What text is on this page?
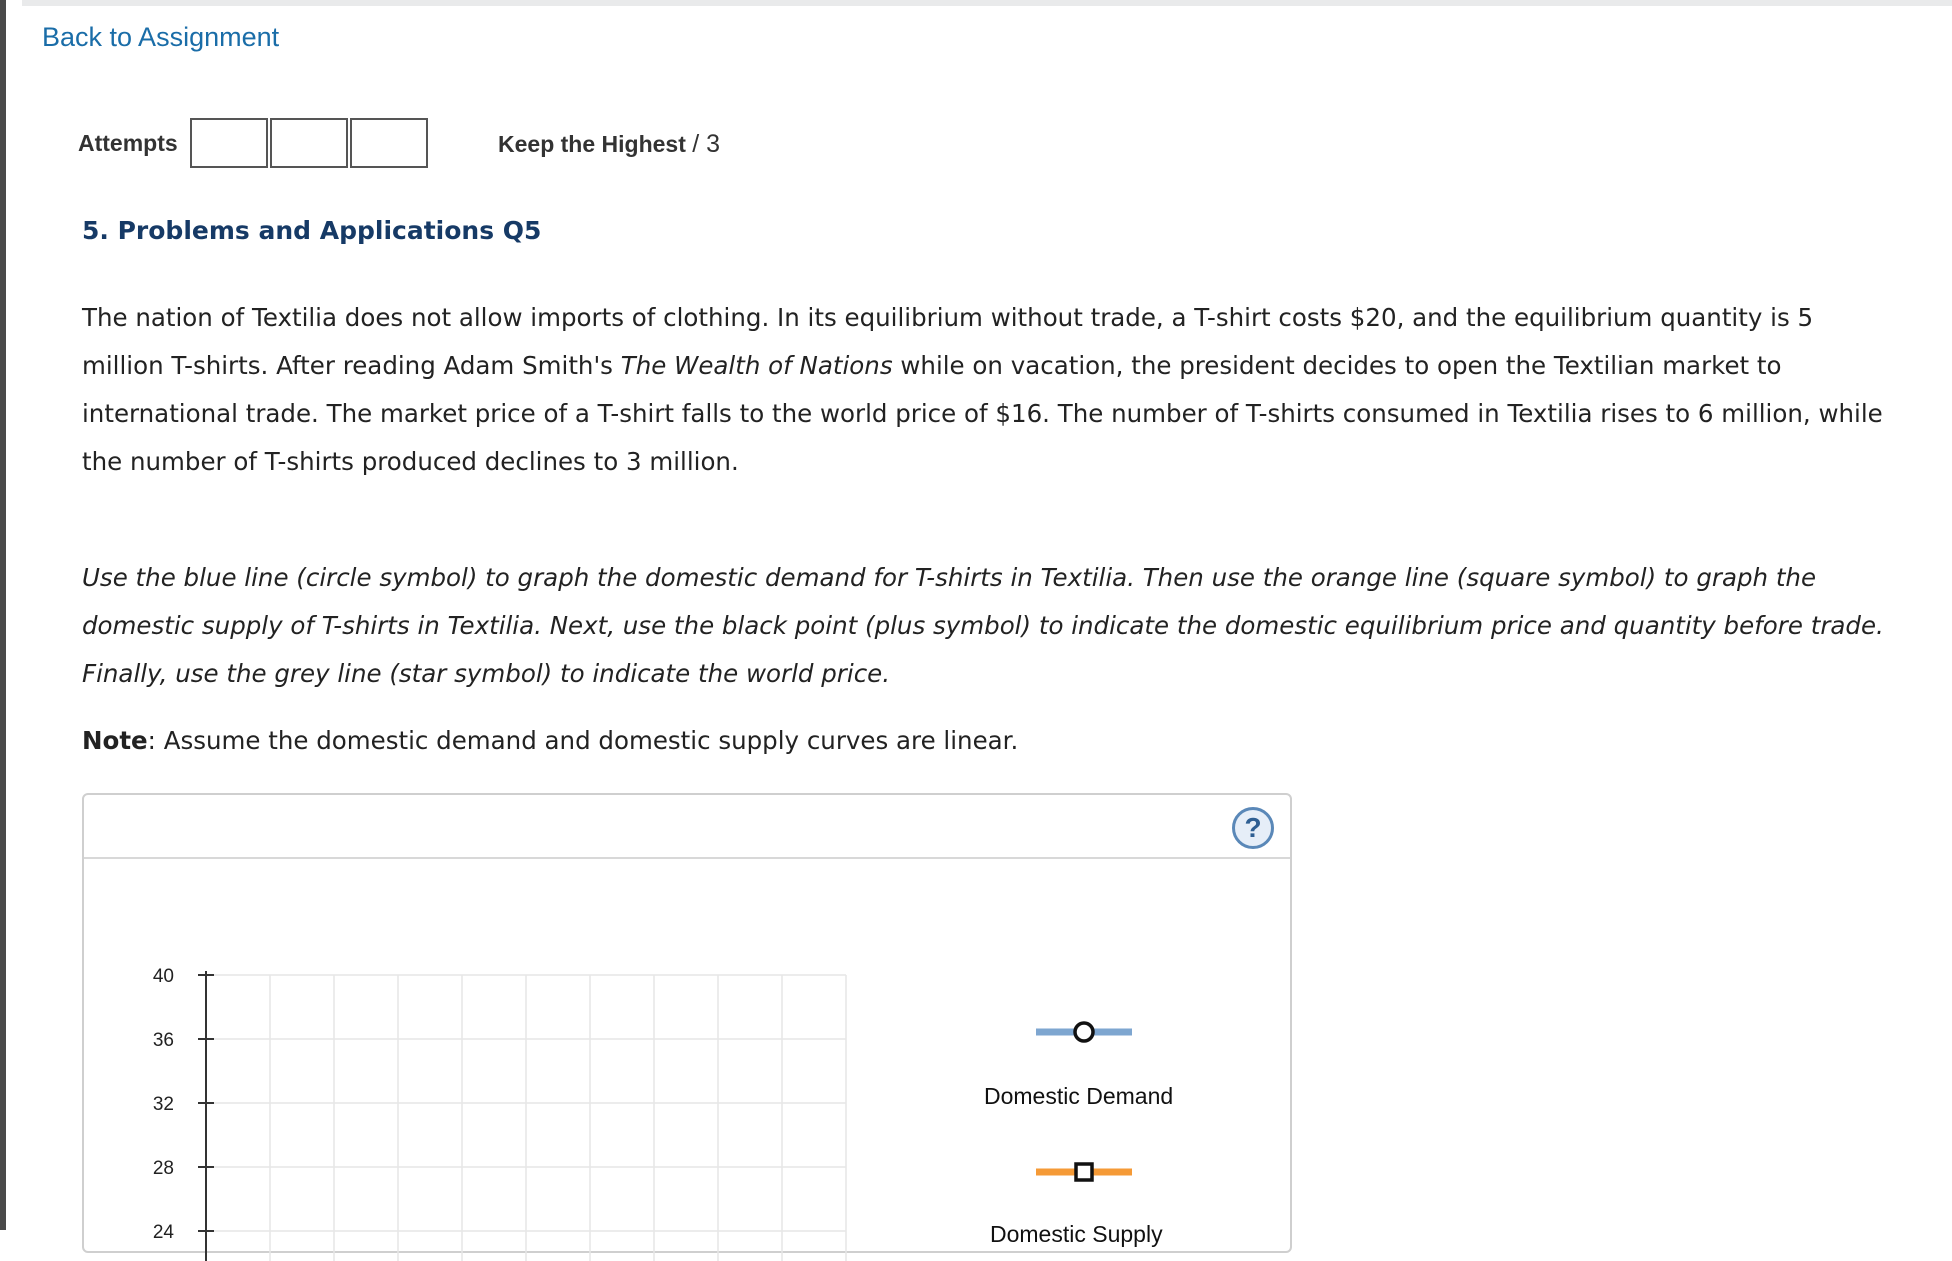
Back to Assignment
Attempts	Keep the Highest / 3
5. Problems and Applications Q5
The nation of Textilia does not allow imports of clothing. In its equilibrium without trade, a T-shirt costs $20, and the equilibrium quantity is 5 million T-shirts. After reading Adam Smith's The Wealth of Nations while on vacation, the president decides to open the Textilian market to international trade. The market price of a T-shirt falls to the world price of $16. The number of T-shirts consumed in Textilia rises to 6 million, while the number of T-shirts produced declines to 3 million.
Use the blue line (circle symbol) to graph the domestic demand for T-shirts in Textilia. Then use the orange line (square symbol) to graph the domestic supply of T-shirts in Textilia. Next, use the black point (plus symbol) to indicate the domestic equilibrium price and quantity before trade. Finally, use the grey line (star symbol) to indicate the world price.
Note: Assume the domestic demand and domestic supply curves are linear.
?
40
36
32
28
24
Domestic Demand
Domestic Supply
